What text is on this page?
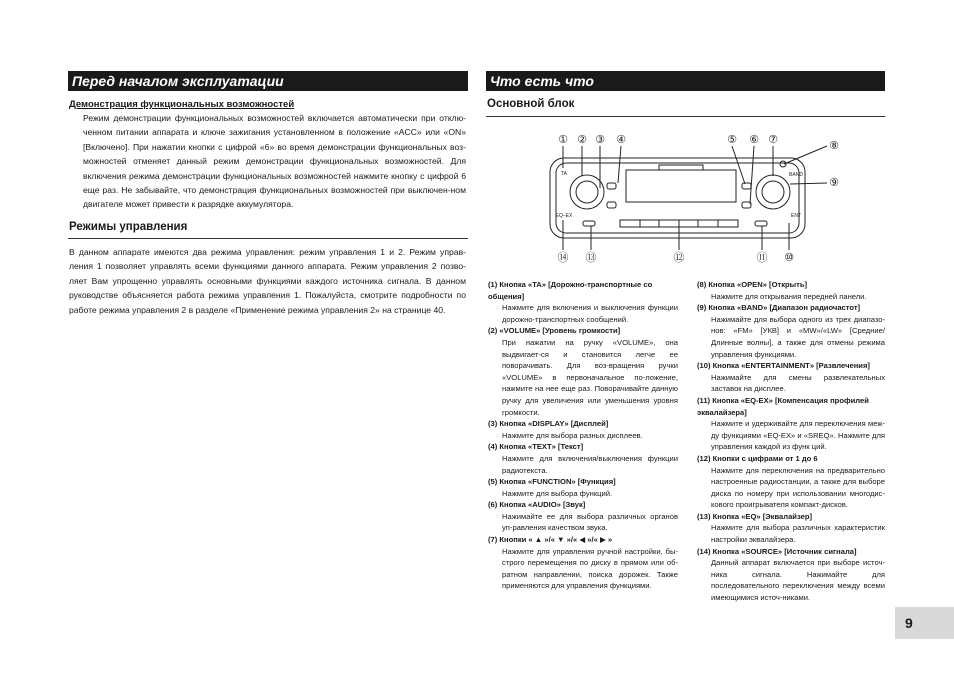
Перед началом эксплуатации
Демонстрация функциональных возможностей
Режим демонстрации функциональных возможностей включается автоматически при отклю-ченном питании аппарата и ключе зажигания установленном в положение «ACC» или «ON» [Включено]. При нажатии кнопки с цифрой «6» во время демонстрации функциональных воз-можностей отменяет данный режим демонстрации функциональных возможностей. Для включения режима демонстрации функциональных возможностей нажмите кнопку с цифрой 6 еще раз. Не забывайте, что демонстрация функциональных возможностей при выключен-ном двигателе может привести к разрядке аккумулятора.
Режимы управления
В данном аппарате имеются два режима управления: режим управления 1 и 2. Режим управ-ления 1 позволяет управлять всеми функциями данного аппарата. Режим управления 2 позво-ляет Вам упрощенно управлять основными функциями каждого источника сигнала. В данном руководстве объясняется работа режима управления 1. Пожалуйста, смотрите подробности по работе режима управления 2 в разделе «Применение режима управления 2» на странице 40.
Что есть что
Основной блок
TA
EQ–EX
BAND
ENT
① ② ③ ④	⑤ ⑥ ⑦	⑧
⑨
⑩
⑪
⑫
⑬
⑭
(1) Кнопка «TA» [Дорожно-транспортные со общения]
Нажмите для включения и выключения функции дорожно-транспортных сообщений.
(2) «VOLUME» [Уровень громкости]
При нажатии на ручку «VOLUME», она выдвигает-ся и становится легче ее поворачивать. Для воз-вращения ручки «VOLUME» в первоначальное по-ложение, нажмите на нее еще раз. Поворачивайте данную ручку для увеличения или уменьшения уровня громкости.
(3) Кнопка «DISPLAY» [Дисплей]
Нажмите для выбора разных дисплеев.
(4) Кнопка «TEXT» [Текст]
Нажмите для включения/выключения функции радиотекста.
(5) Кнопка «FUNCTION» [Функция]
Нажмите для выбора функций.
(6) Кнопка «AUDIO» [Звук]
Нажимайте ее для выбора различных органов уп-равления качеством звука.
(7) Кнопки « ▲ »/« ▼ »/« ◀ »/« ▶ »
Нажмите для управления ручной настройки, бы-строго перемещения по диску в прямом или об-ратном направлении, поиска дорожек. Также применяются для управления функциями.
(8) Кнопка «OPEN» [Открыть]
Нажмите для открывания передней панели.
(9) Кнопка «BAND» [Диапазон радиочастот]
Нажимайте для выбора одного из трех диапазо-нов: «FM» [УКВ] и «MW»/«LW» [Средние/Длинные волны], а также для отмены режима управления функциями.
(10) Кнопка «ENTERTAINMENT» [Развлечения]
Нажимайте для смены развлекательных заставок на дисплее.
(11) Кнопка «EQ-EX» [Компенсация профилей эквалайзера]
Нажмите и удерживайте для переключения меж-ду функциями «EQ-EX» и «SREQ». Нажмите для управления каждой из функ ций.
(12) Кнопки с цифрами от 1 до 6
Нажмите для переключения на предварительно настроенные радиостанции, а также для выборе диска по номеру при использовании многодис-кового проигрывателя компакт-дисков.
(13) Кнопка «EQ» [Эквалайзер]
Нажмите для выбора различных характеристик настройки эквалайзера.
(14) Кнопка «SOURCE» [Источник сигнала]
Данный аппарат включается при выборе источ-ника сигнала. Нажимайте для последовательного переключения между всеми имеющимися источ-никами.
9
